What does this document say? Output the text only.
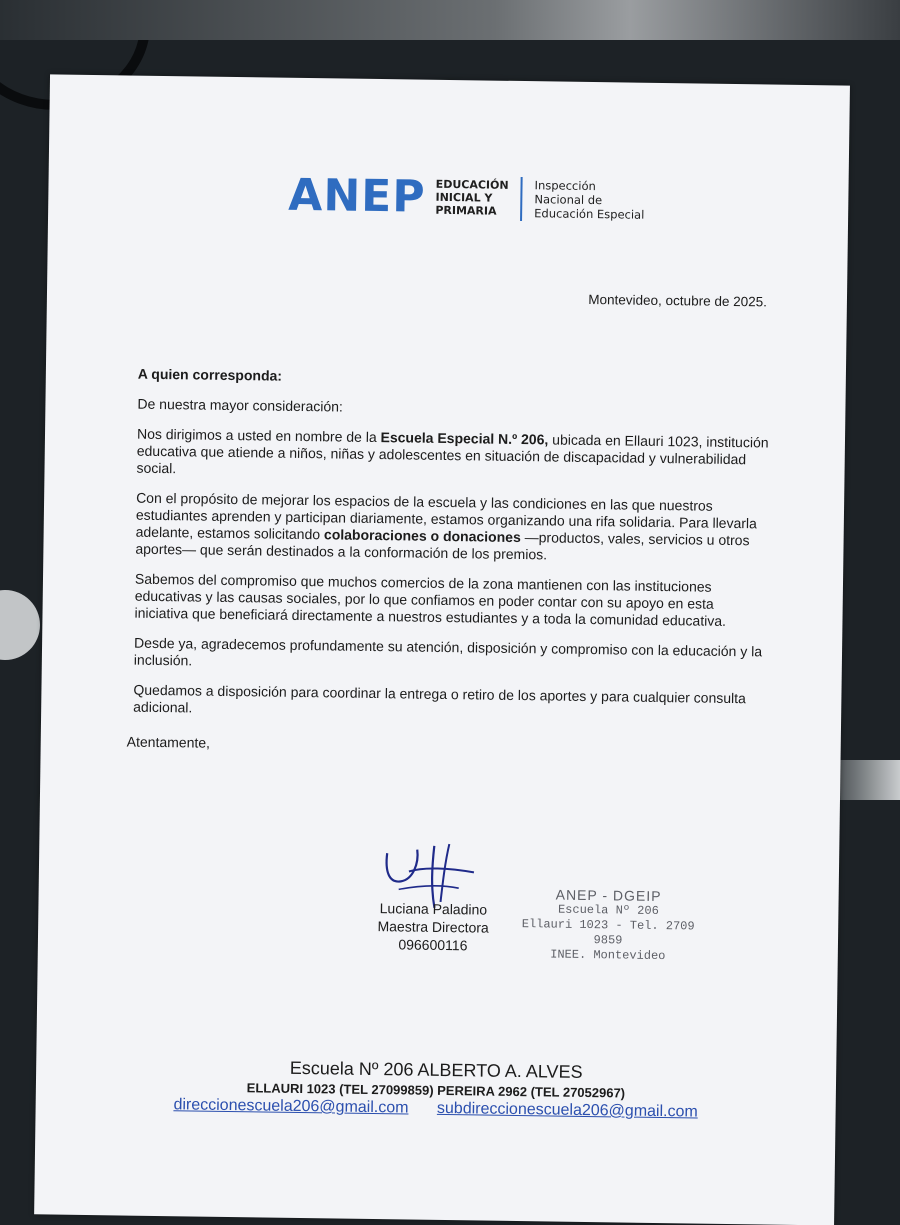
ANEP EDUCACIÓN
INICIAL Y
PRIMARIA
Inspección
Nacional de
Educación Especial
Montevideo, octubre de 2025.

A quien corresponda:

De nuestra mayor consideración:

Nos dirigimos a usted en nombre de la Escuela Especial N.º 206, ubicada en Ellauri 1023, institución educativa que atiende a niños, niñas y adolescentes en situación de discapacidad y vulnerabilidad social.

Con el propósito de mejorar los espacios de la escuela y las condiciones en las que nuestros estudiantes aprenden y participan diariamente, estamos organizando una rifa solidaria. Para llevarla adelante, estamos solicitando colaboraciones o donaciones —productos, vales, servicios u otros aportes— que serán destinados a la conformación de los premios.

Sabemos del compromiso que muchos comercios de la zona mantienen con las instituciones educativas y las causas sociales, por lo que confiamos en poder contar con su apoyo en esta iniciativa que beneficiará directamente a nuestros estudiantes y a toda la comunidad educativa.

Desde ya, agradecemos profundamente su atención, disposición y compromiso con la educación y la inclusión.

Quedamos a disposición para coordinar la entrega o retiro de los aportes y para cualquier consulta adicional.

Atentamente,

Luciana Paladino
Maestra Directora
096600116
ANEP - DGEIP
Escuela Nº 206
Ellauri 1023 - Tel. 2709 9859
INEE. Montevideo
Escuela Nº 206 ALBERTO A. ALVES
ELLAURI 1023 (TEL 27099859) PEREIRA 2962 (TEL 27052967)
direccionescuela206@gmail.com subdireccionescuela206@gmail.com
